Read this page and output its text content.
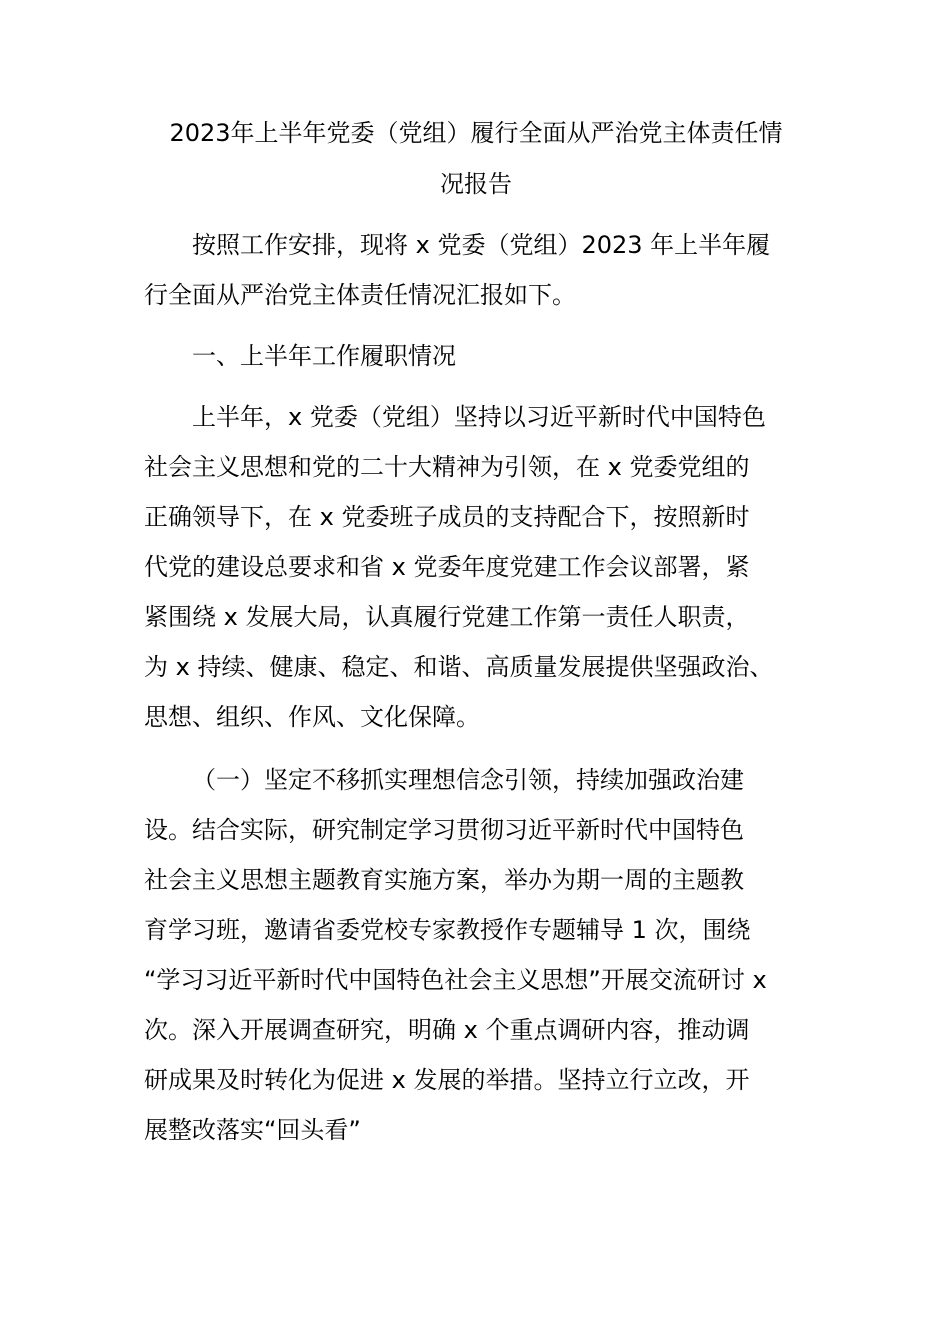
2023年上半年党委（党组）履行全面从严治党主体责任情
况报告
按照工作安排，现将 x 党委（党组）2023 年上半年履
行全面从严治党主体责任情况汇报如下。
一、上半年工作履职情况
上半年，x 党委（党组）坚持以习近平新时代中国特色
社会主义思想和党的二十大精神为引领，在 x 党委党组的
正确领导下，在 x 党委班子成员的支持配合下，按照新时
代党的建设总要求和省 x 党委年度党建工作会议部署，紧
紧围绕 x 发展大局，认真履行党建工作第一责任人职责，
为 x 持续、健康、稳定、和谐、高质量发展提供坚强政治、
思想、组织、作风、文化保障。
（一）坚定不移抓实理想信念引领，持续加强政治建
设。结合实际，研究制定学习贯彻习近平新时代中国特色
社会主义思想主题教育实施方案，举办为期一周的主题教
育学习班，邀请省委党校专家教授作专题辅导 1 次，围绕
“学习习近平新时代中国特色社会主义思想”开展交流研讨 x
次。深入开展调查研究，明确 x 个重点调研内容，推动调
研成果及时转化为促进 x 发展的举措。坚持立行立改，开
展整改落实“回头看”
